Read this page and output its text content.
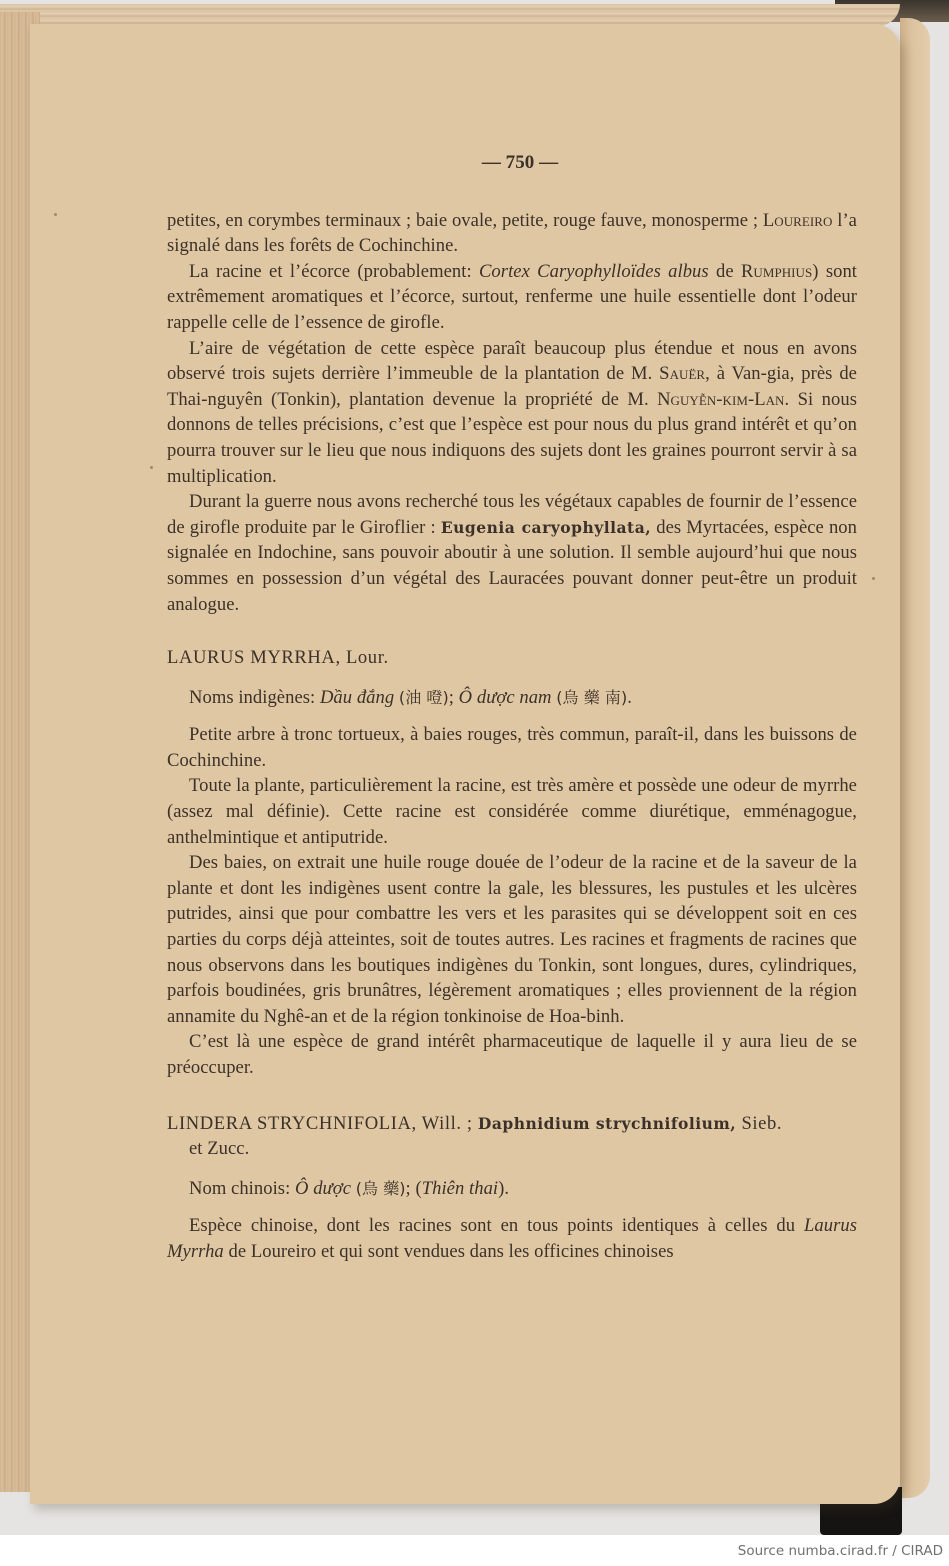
— 750 —

petites, en corymbes terminaux ; baie ovale, petite, rouge fauve, monosperme ; Loureiro l’a signalé dans les forêts de Cochinchine.

La racine et l’écorce (probablement: Cortex Caryophylloïdes albus de Rumphius) sont extrêmement aromatiques et l’écorce, surtout, renferme une huile essentielle dont l’odeur rappelle celle de l’essence de girofle.

L’aire de végétation de cette espèce paraît beaucoup plus étendue et nous en avons observé trois sujets derrière l’immeuble de la plantation de M. Sauër, à Van-gia, près de Thai-nguyên (Tonkin), plantation devenue la propriété de M. Nguyễn-kim-Lan. Si nous donnons de telles précisions, c’est que l’espèce est pour nous du plus grand intérêt et qu’on pourra trouver sur le lieu que nous indiquons des sujets dont les graines pourront servir à sa multiplication.

Durant la guerre nous avons recherché tous les végétaux capables de fournir de l’essence de girofle produite par le Giroflier : Eugenia caryophyllata, des Myrtacées, espèce non signalée en Indochine, sans pouvoir aboutir à une solution. Il semble aujourd’hui que nous sommes en possession d’un végétal des Lauracées pouvant donner peut-être un produit analogue.

LAURUS MYRRHA, Lour.

Noms indigènes: Dầu đắng (油 噔); Ô dược nam (烏 藥 南).

Petite arbre à tronc tortueux, à baies rouges, très commun, paraît-il, dans les buissons de Cochinchine.

Toute la plante, particulièrement la racine, est très amère et possède une odeur de myrrhe (assez mal définie). Cette racine est considérée comme diurétique, emménagogue, anthelmintique et antiputride.

Des baies, on extrait une huile rouge douée de l’odeur de la racine et de la saveur de la plante et dont les indigènes usent contre la gale, les blessures, les pustules et les ulcères putrides, ainsi que pour combattre les vers et les parasites qui se développent soit en ces parties du corps déjà atteintes, soit de toutes autres. Les racines et fragments de racines que nous observons dans les boutiques indigènes du Tonkin, sont longues, dures, cylindriques, parfois boudinées, gris brunâtres, légèrement aromatiques ; elles proviennent de la région annamite du Nghê-an et de la région tonkinoise de Hoa-binh.

C’est là une espèce de grand intérêt pharmaceutique de laquelle il y aura lieu de se préoccuper.

LINDERA STRYCHNIFOLIA, Will. ; Daphnidium strychnifolium, Sieb.

et Zucc.

Nom chinois: Ô dược (烏 藥); (Thiên thai).

Espèce chinoise, dont les racines sont en tous points identiques à celles du Laurus Myrrha de Loureiro et qui sont vendues dans les officines chinoises

Source numba.cirad.fr / CIRAD
